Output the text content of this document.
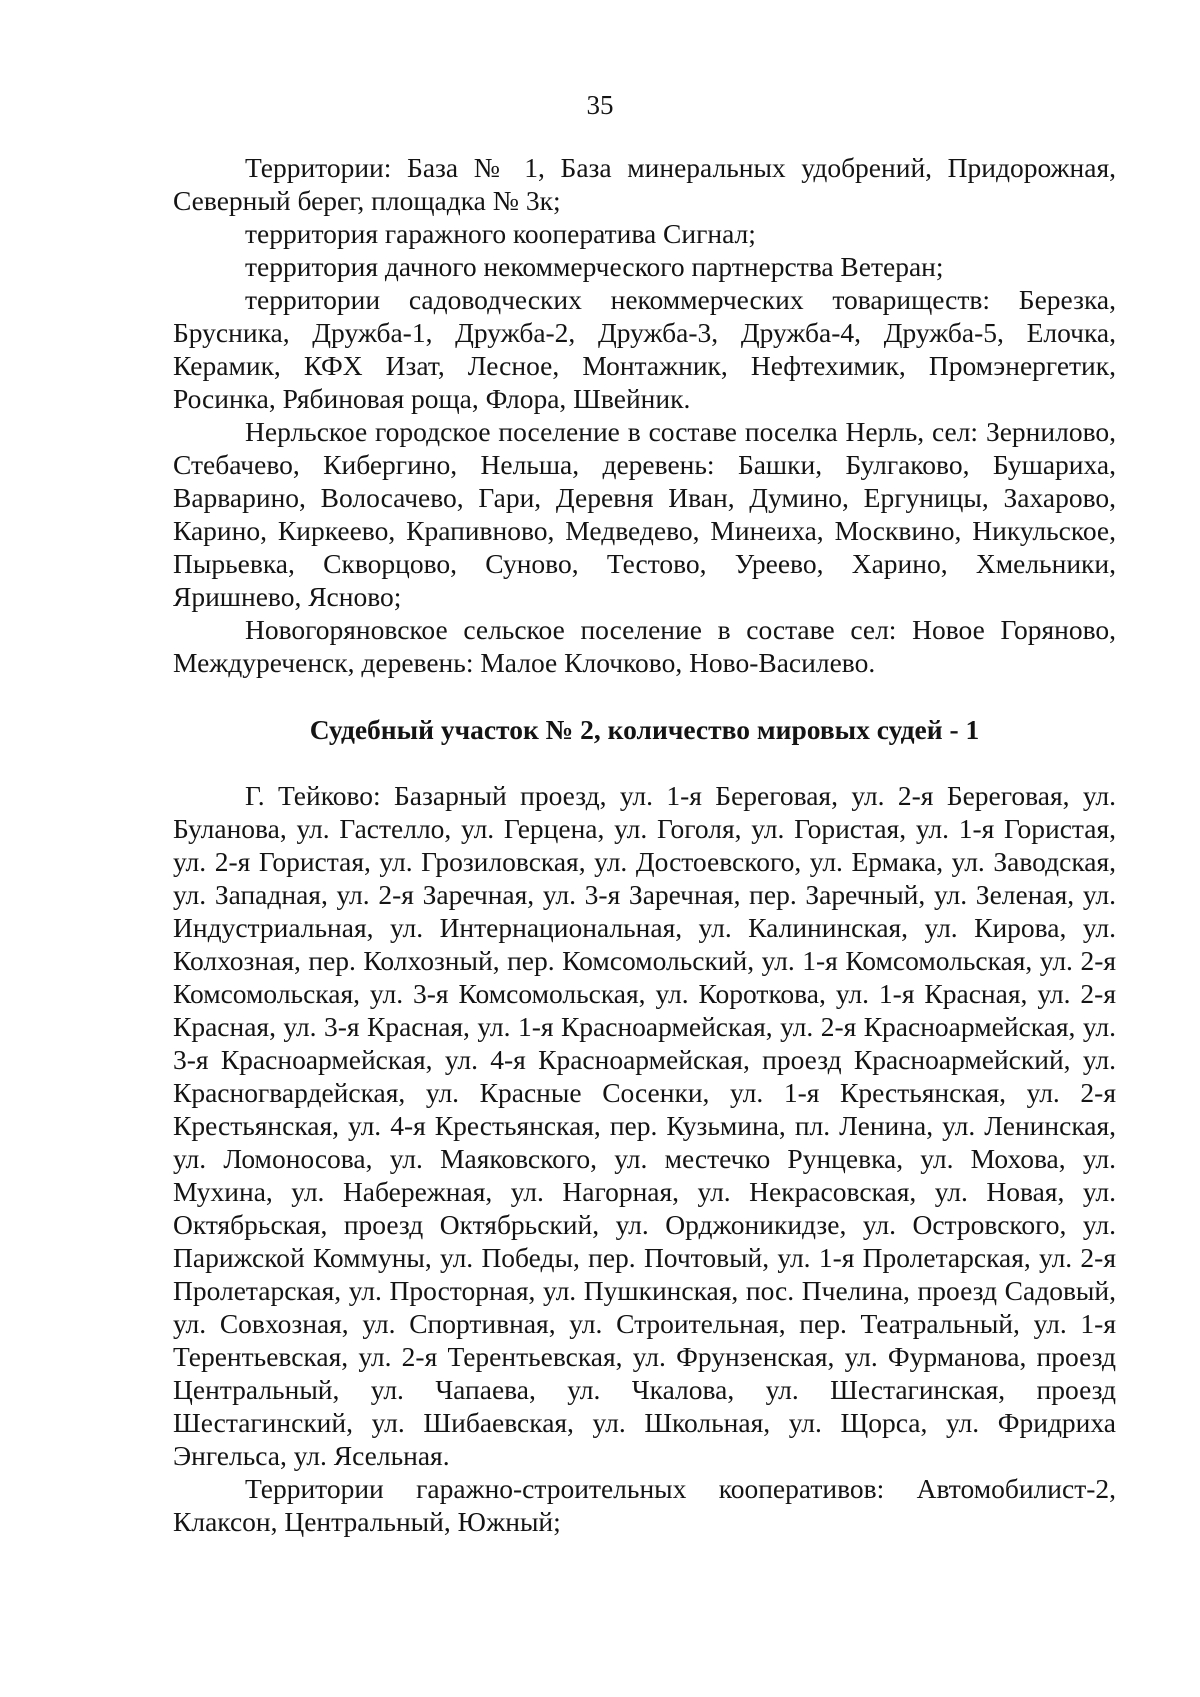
35

Территории: База № 1, База минеральных удобрений, Придорожная, Северный берег, площадка № 3к;

территория гаражного кооператива Сигнал;

территория дачного некоммерческого партнерства Ветеран;

территории садоводческих некоммерческих товариществ: Березка, Брусника, Дружба-1, Дружба-2, Дружба-3, Дружба-4, Дружба-5, Елочка, Керамик, КФХ Изат, Лесное, Монтажник, Нефтехимик, Промэнергетик, Росинка, Рябиновая роща, Флора, Швейник.

Нерльское городское поселение в составе поселка Нерль, сел: Зернилово, Стебачево, Кибергино, Нельша, деревень: Башки, Булгаково, Бушариха, Варварино, Волосачево, Гари, Деревня Иван, Думино, Ергуницы, Захарово, Карино, Киркеево, Крапивново, Медведево, Минеиха, Москвино, Никульское, Пырьевка, Скворцово, Суново, Тестово, Уреево, Харино, Хмельники, Яришнево, Ясново;

Новогоряновское сельское поселение в составе сел: Новое Горяново, Междуреченск, деревень: Малое Клочково, Ново-Василево.

Судебный участок № 2, количество мировых судей - 1

Г. Тейково: Базарный проезд, ул. 1-я Береговая, ул. 2-я Береговая, ул. Буланова, ул. Гастелло, ул. Герцена, ул. Гоголя, ул. Гористая, ул. 1-я Гористая, ул. 2-я Гористая, ул. Грозиловская, ул. Достоевского, ул. Ермака, ул. Заводская, ул. Западная, ул. 2-я Заречная, ул. 3-я Заречная, пер. Заречный, ул. Зеленая, ул. Индустриальная, ул. Интернациональная, ул. Калининская, ул. Кирова, ул. Колхозная, пер. Колхозный, пер. Комсомольский, ул. 1-я Комсомольская, ул. 2-я Комсомольская, ул. 3-я Комсомольская, ул. Короткова, ул. 1-я Красная, ул. 2-я Красная, ул. 3-я Красная, ул. 1-я Красноармейская, ул. 2-я Красноармейская, ул. 3-я Красноармейская, ул. 4-я Красноармейская, проезд Красноармейский, ул. Красногвардейская, ул. Красные Сосенки, ул. 1-я Крестьянская, ул. 2-я Крестьянская, ул. 4-я Крестьянская, пер. Кузьмина, пл. Ленина, ул. Ленинская, ул. Ломоносова, ул. Маяковского, ул. местечко Рунцевка, ул. Мохова, ул. Мухина, ул. Набережная, ул. Нагорная, ул. Некрасовская, ул. Новая, ул. Октябрьская, проезд Октябрьский, ул. Орджоникидзе, ул. Островского, ул. Парижской Коммуны, ул. Победы, пер. Почтовый, ул. 1-я Пролетарская, ул. 2-я Пролетарская, ул. Просторная, ул. Пушкинская, пос. Пчелина, проезд Садовый, ул. Совхозная, ул. Спортивная, ул. Строительная, пер. Театральный, ул. 1-я Терентьевская, ул. 2-я Терентьевская, ул. Фрунзенская, ул. Фурманова, проезд Центральный, ул. Чапаева, ул. Чкалова, ул. Шестагинская, проезд Шестагинский, ул. Шибаевская, ул. Школьная, ул. Щорса, ул. Фридриха Энгельса, ул. Ясельная.

Территории гаражно-строительных кооперативов: Автомобилист-2, Клаксон, Центральный, Южный;
